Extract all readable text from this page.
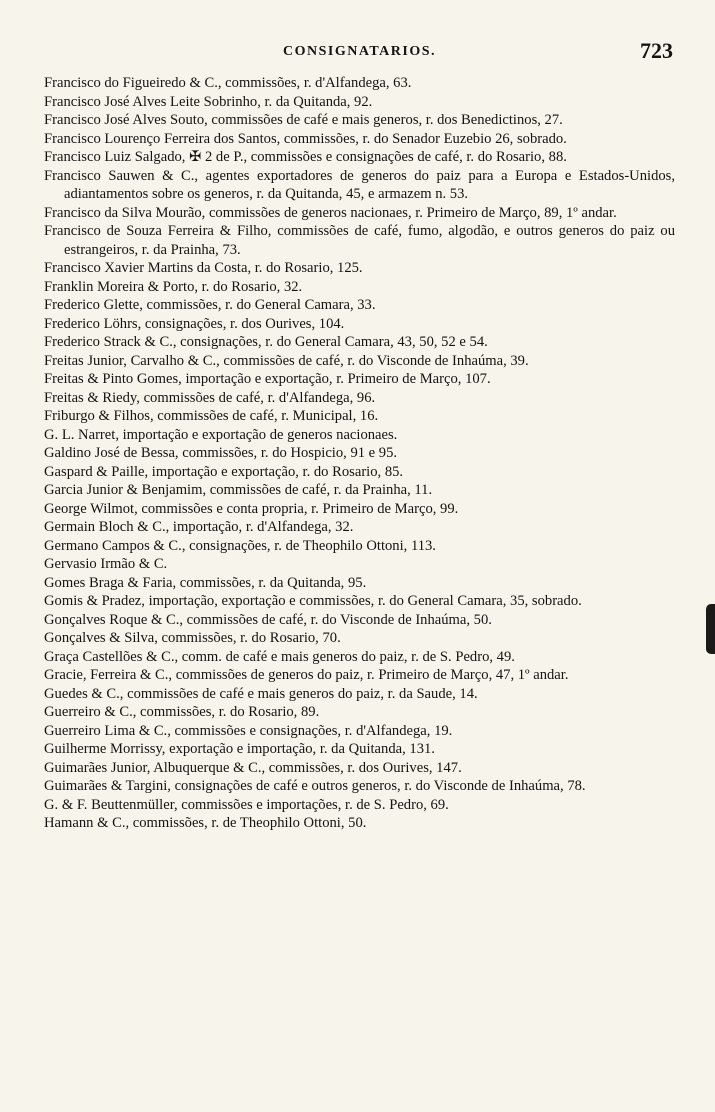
CONSIGNATARIOS.	723
Francisco do Figueiredo & C., commissões, r. d'Alfandega, 63.
Francisco José Alves Leite Sobrinho, r. da Quitanda, 92.
Francisco José Alves Souto, commissões de café e mais generos, r. dos Benedictinos, 27.
Francisco Lourenço Ferreira dos Santos, commissões, r. do Senador Euzebio 26, sobrado.
Francisco Luiz Salgado, ✠ 2 de P., commissões e consignações de café, r. do Rosario, 88.
Francisco Sauwen & C., agentes exportadores de generos do paiz para a Europa e Estados-Unidos, adiantamentos sobre os generos, r. da Quitanda, 45, e armazem n. 53.
Francisco da Silva Mourão, commissões de generos nacionaes, r. Primeiro de Março, 89, 1º andar.
Francisco de Souza Ferreira & Filho, commissões de café, fumo, algodão, e outros generos do paiz ou estrangeiros, r. da Prainha, 73.
Francisco Xavier Martins da Costa, r. do Rosario, 125.
Franklin Moreira & Porto, r. do Rosario, 32.
Frederico Glette, commissões, r. do General Camara, 33.
Frederico Löhrs, consignações, r. dos Ourives, 104.
Frederico Strack & C., consignações, r. do General Camara, 43, 50, 52 e 54.
Freitas Junior, Carvalho & C., commissões de café, r. do Visconde de Inhaúma, 39.
Freitas & Pinto Gomes, importação e exportação, r. Primeiro de Março, 107.
Freitas & Riedy, commissões de café, r. d'Alfandega, 96.
Friburgo & Filhos, commissões de café, r. Municipal, 16.
G. L. Narret, importação e exportação de generos nacionaes.
Galdino José de Bessa, commissões, r. do Hospicio, 91 e 95.
Gaspard & Paille, importação e exportação, r. do Rosario, 85.
Garcia Junior & Benjamim, commissões de café, r. da Prainha, 11.
George Wilmot, commissões e conta propria, r. Primeiro de Março, 99.
Germain Bloch & C., importação, r. d'Alfandega, 32.
Germano Campos & C., consignações, r. de Theophilo Ottoni, 113.
Gervasio Irmão & C.
Gomes Braga & Faria, commissões, r. da Quitanda, 95.
Gomis & Pradez, importação, exportação e commissões, r. do General Camara, 35, sobrado.
Gonçalves Roque & C., commissões de café, r. do Visconde de Inhaúma, 50.
Gonçalves & Silva, commissões, r. do Rosario, 70.
Graça Castellões & C., comm. de café e mais generos do paiz, r. de S. Pedro, 49.
Gracie, Ferreira & C., commissões de generos do paiz, r. Primeiro de Março, 47, 1º andar.
Guedes & C., commissões de café e mais generos do paiz, r. da Saude, 14.
Guerreiro & C., commissões, r. do Rosario, 89.
Guerreiro Lima & C., commissões e consignações, r. d'Alfandega, 19.
Guilherme Morrissy, exportação e importação, r. da Quitanda, 131.
Guimarães Junior, Albuquerque & C., commissões, r. dos Ourives, 147.
Guimarães & Targini, consignações de café e outros generos, r. do Visconde de Inhaúma, 78.
G. & F. Beuttenmüller, commissões e importações, r. de S. Pedro, 69.
Hamann & C., commissões, r. de Theophilo Ottoni, 50.
